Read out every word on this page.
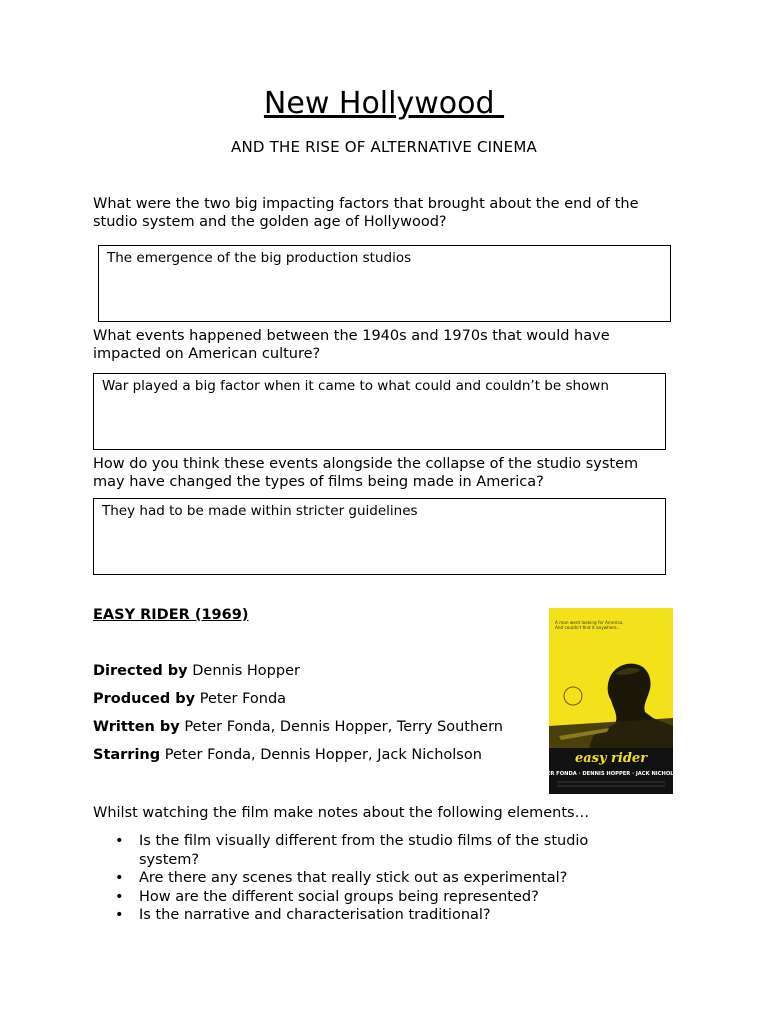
New Hollywood
AND THE RISE OF ALTERNATIVE CINEMA
What were the two big impacting factors that brought about the end of the studio system and the golden age of Hollywood?
The emergence of the big production studios
What events happened between the 1940s and 1970s that would have impacted on American culture?
War played a big factor when it came to what could and couldn’t be shown
How do you think these events alongside the collapse of the studio system may have changed the types of films being made in America?
They had to be made within stricter guidelines
EASY RIDER (1969)
Directed by Dennis Hopper
Produced by Peter Fonda
Written by Peter Fonda, Dennis Hopper, Terry Southern
Starring Peter Fonda, Dennis Hopper, Jack Nicholson
A man went looking for America. And couldn't find it anywhere...
easy rider
PETER FONDA · DENNIS HOPPER · JACK NICHOLSON
Whilst watching the film make notes about the following elements…
• Is the film visually different from the studio films of the studio system?
• Are there any scenes that really stick out as experimental?
• How are the different social groups being represented?
• Is the narrative and characterisation traditional?
